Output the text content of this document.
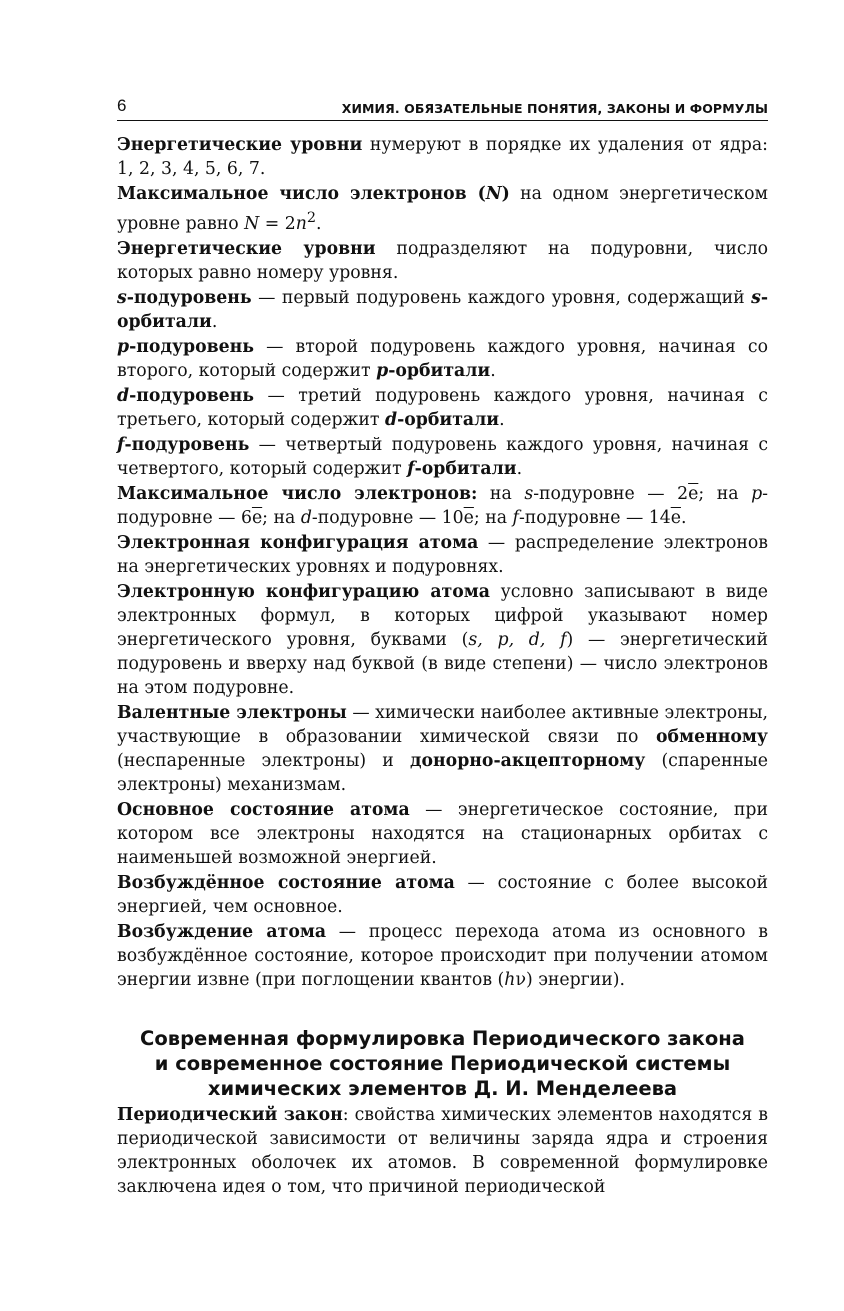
6	ХИМИЯ. ОБЯЗАТЕЛЬНЫЕ ПОНЯТИЯ, ЗАКОНЫ И ФОРМУЛЫ

Энергетические уровни нумеруют в порядке их удаления от ядра: 1, 2, 3, 4, 5, 6, 7.

Максимальное число электронов (N) на одном энергетическом уровне равно $N = 2n^2$.

Энергетические уровни подразделяют на подуровни, число которых равно номеру уровня.

s-подуровень — первый подуровень каждого уровня, содержащий s-орбитали.

p-подуровень — второй подуровень каждого уровня, начиная со второго, который содержит p-орбитали.

d-подуровень — третий подуровень каждого уровня, начиная с третьего, который содержит d-орбитали.

f-подуровень — четвертый подуровень каждого уровня, начиная с четвертого, который содержит f-орбитали.

Максимальное число электронов: на s-подуровне — $2\overline{e}$; на p-подуровне — $6\overline{e}$; на d-подуровне — $10\overline{e}$; на f-подуровне — $14\overline{e}$.

Электронная конфигурация атома — распределение электронов на энергетических уровнях и подуровнях.

Электронную конфигурацию атома условно записывают в виде электронных формул, в которых цифрой указывают номер энергетического уровня, буквами (s, p, d, f) — энергетический подуровень и вверху над буквой (в виде степени) — число электронов на этом подуровне.

Валентные электроны — химически наиболее активные электроны, участвующие в образовании химической связи по обменному (неспаренные электроны) и донорно-акцепторному (спаренные электроны) механизмам.

Основное состояние атома — энергетическое состояние, при котором все электроны находятся на стационарных орбитах с наименьшей возможной энергией.

Возбуждённое состояние атома — состояние с более высокой энергией, чем основное.

Возбуждение атома — процесс перехода атома из основного в возбуждённое состояние, которое происходит при получении атомом энергии извне (при поглощении квантов (hν) энергии).

Современная формулировка Периодического закона
и современное состояние Периодической системы
химических элементов Д. И. Менделеева

Периодический закон: свойства химических элементов находятся в периодической зависимости от величины заряда ядра и строения электронных оболочек их атомов. В современной формулировке заключена идея о том, что причиной периодической
